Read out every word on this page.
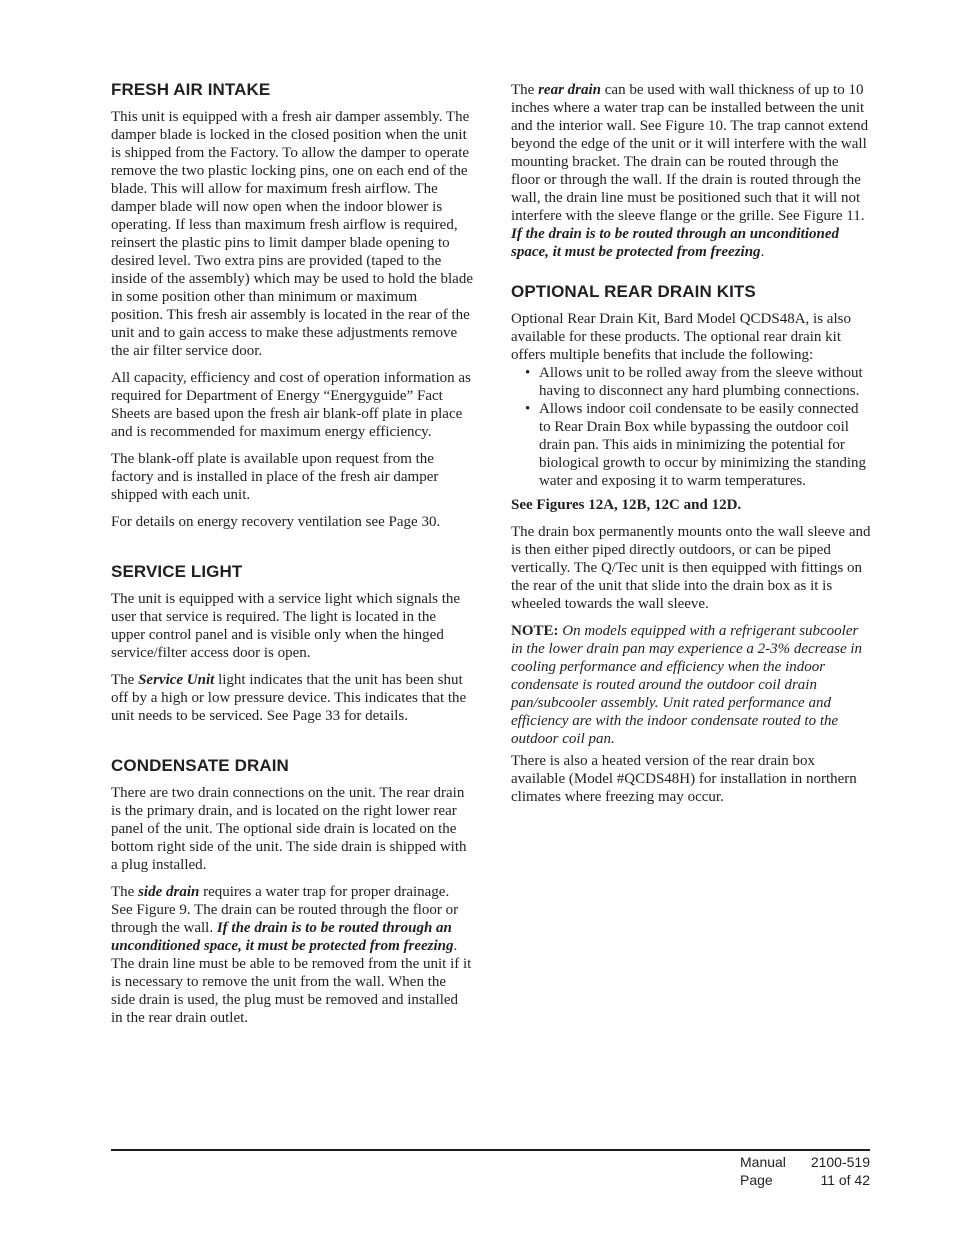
FRESH AIR INTAKE

This unit is equipped with a fresh air damper assembly. The damper blade is locked in the closed position when the unit is shipped from the Factory. To allow the damper to operate remove the two plastic locking pins, one on each end of the blade. This will allow for maximum fresh airflow. The damper blade will now open when the indoor blower is operating. If less than maximum fresh airflow is required, reinsert the plastic pins to limit damper blade opening to desired level. Two extra pins are provided (taped to the inside of the assembly) which may be used to hold the blade in some position other than minimum or maximum position. This fresh air assembly is located in the rear of the unit and to gain access to make these adjustments remove the air filter service door.

All capacity, efficiency and cost of operation information as required for Department of Energy “Energyguide” Fact Sheets are based upon the fresh air blank-off plate in place and is recommended for maximum energy efficiency.

The blank-off plate is available upon request from the factory and is installed in place of the fresh air damper shipped with each unit.

For details on energy recovery ventilation see Page 30.

SERVICE LIGHT

The unit is equipped with a service light which signals the user that service is required. The light is located in the upper control panel and is visible only when the hinged service/filter access door is open.

The Service Unit light indicates that the unit has been shut off by a high or low pressure device. This indicates that the unit needs to be serviced. See Page 33 for details.

CONDENSATE DRAIN

There are two drain connections on the unit. The rear drain is the primary drain, and is located on the right lower rear panel of the unit. The optional side drain is located on the bottom right side of the unit. The side drain is shipped with a plug installed.

The side drain requires a water trap for proper drainage. See Figure 9. The drain can be routed through the floor or through the wall. If the drain is to be routed through an unconditioned space, it must be protected from freezing. The drain line must be able to be removed from the unit if it is necessary to remove the unit from the wall. When the side drain is used, the plug must be removed and installed in the rear drain outlet.

The rear drain can be used with wall thickness of up to 10 inches where a water trap can be installed between the unit and the interior wall. See Figure 10. The trap cannot extend beyond the edge of the unit or it will interfere with the wall mounting bracket. The drain can be routed through the floor or through the wall. If the drain is routed through the wall, the drain line must be positioned such that it will not interfere with the sleeve flange or the grille. See Figure 11. If the drain is to be routed through an unconditioned space, it must be protected from freezing.

OPTIONAL REAR DRAIN KITS

Optional Rear Drain Kit, Bard Model QCDS48A, is also available for these products. The optional rear drain kit offers multiple benefits that include the following:

• Allows unit to be rolled away from the sleeve without having to disconnect any hard plumbing connections.
• Allows indoor coil condensate to be easily connected to Rear Drain Box while bypassing the outdoor coil drain pan. This aids in minimizing the potential for biological growth to occur by minimizing the standing water and exposing it to warm temperatures.

See Figures 12A, 12B, 12C and 12D.

The drain box permanently mounts onto the wall sleeve and is then either piped directly outdoors, or can be piped vertically. The Q/Tec unit is then equipped with fittings on the rear of the unit that slide into the drain box as it is wheeled towards the wall sleeve.

NOTE: On models equipped with a refrigerant subcooler in the lower drain pan may experience a 2-3% decrease in cooling performance and efficiency when the indoor condensate is routed around the outdoor coil drain pan/subcooler assembly. Unit rated performance and efficiency are with the indoor condensate routed to the outdoor coil pan.

There is also a heated version of the rear drain box available (Model #QCDS48H) for installation in northern climates where freezing may occur.

Manual 2100-519
Page	11 of 42
